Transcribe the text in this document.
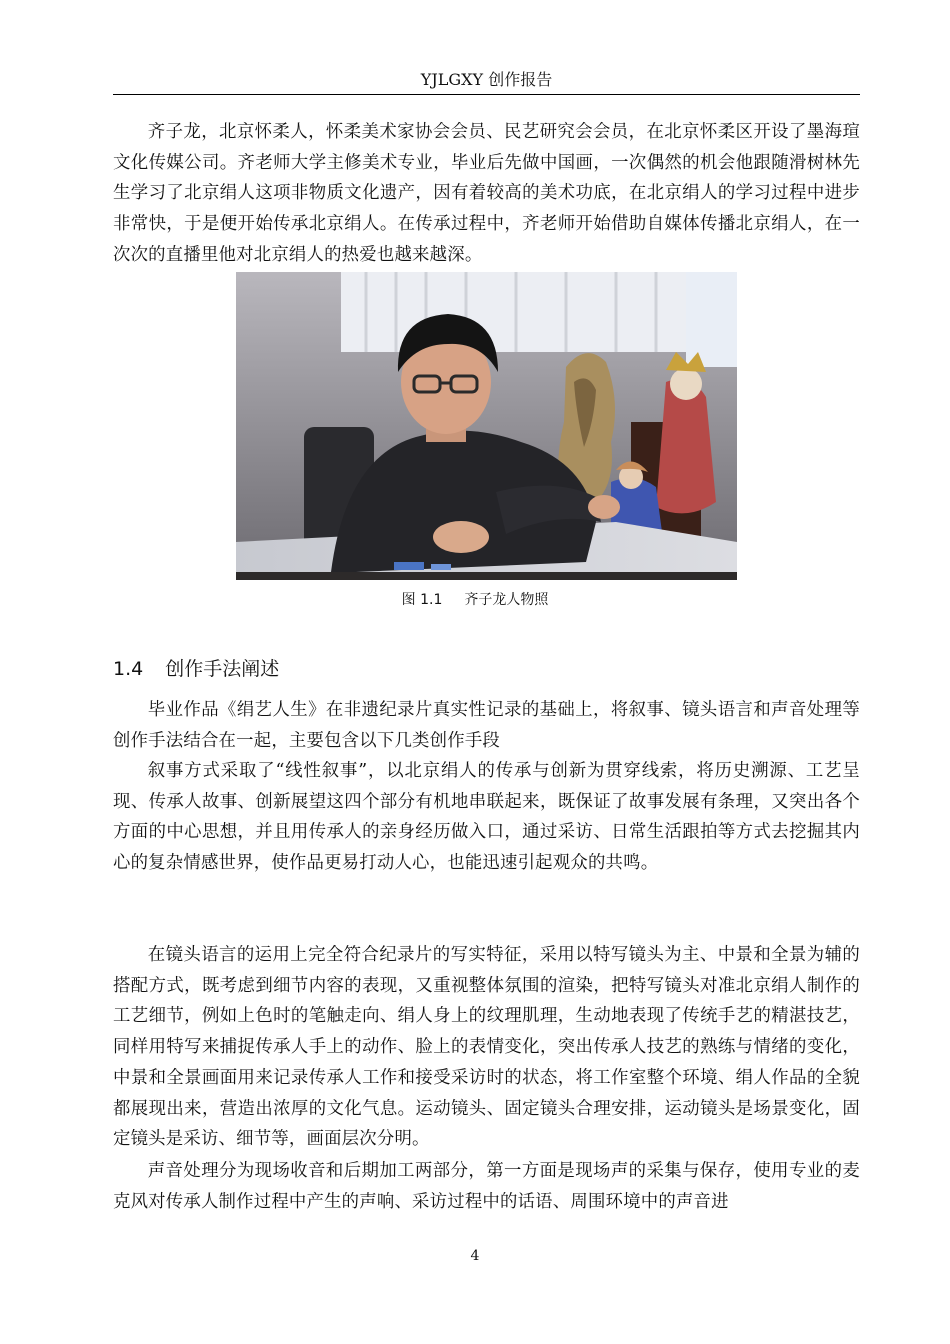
YJLGXY 创作报告

齐子龙，北京怀柔人，怀柔美术家协会会员、民艺研究会会员，在北京怀柔区开设了墨海瑄文化传媒公司。齐老师大学主修美术专业，毕业后先做中国画，一次偶然的机会他跟随滑树林先生学习了北京绢人这项非物质文化遗产，因有着较高的美术功底，在北京绢人的学习过程中进步非常快，于是便开始传承北京绢人。在传承过程中，齐老师开始借助自媒体传播北京绢人，在一次次的直播里他对北京绢人的热爱也越来越深。

图 1.1 齐子龙人物照
1.4 创作手法阐述

毕业作品《绢艺人生》在非遗纪录片真实性记录的基础上，将叙事、镜头语言和声音处理等创作手法结合在一起，主要包含以下几类创作手段

叙事方式采取了“线性叙事”，以北京绢人的传承与创新为贯穿线索，将历史溯源、工艺呈现、传承人故事、创新展望这四个部分有机地串联起来，既保证了故事发展有条理，又突出各个方面的中心思想，并且用传承人的亲身经历做入口，通过采访、日常生活跟拍等方式去挖掘其内心的复杂情感世界，使作品更易打动人心，也能迅速引起观众的共鸣。

在镜头语言的运用上完全符合纪录片的写实特征，采用以特写镜头为主、中景和全景为辅的搭配方式，既考虑到细节内容的表现，又重视整体氛围的渲染，把特写镜头对准北京绢人制作的工艺细节，例如上色时的笔触走向、绢人身上的纹理肌理，生动地表现了传统手艺的精湛技艺，同样用特写来捕捉传承人手上的动作、脸上的表情变化，突出传承人技艺的熟练与情绪的变化，中景和全景画面用来记录传承人工作和接受采访时的状态，将工作室整个环境、绢人作品的全貌都展现出来，营造出浓厚的文化气息。运动镜头、固定镜头合理安排，运动镜头是场景变化，固定镜头是采访、细节等，画面层次分明。

声音处理分为现场收音和后期加工两部分，第一方面是现场声的采集与保存，使用专业的麦克风对传承人制作过程中产生的声响、采访过程中的话语、周围环境中的声音进

4
